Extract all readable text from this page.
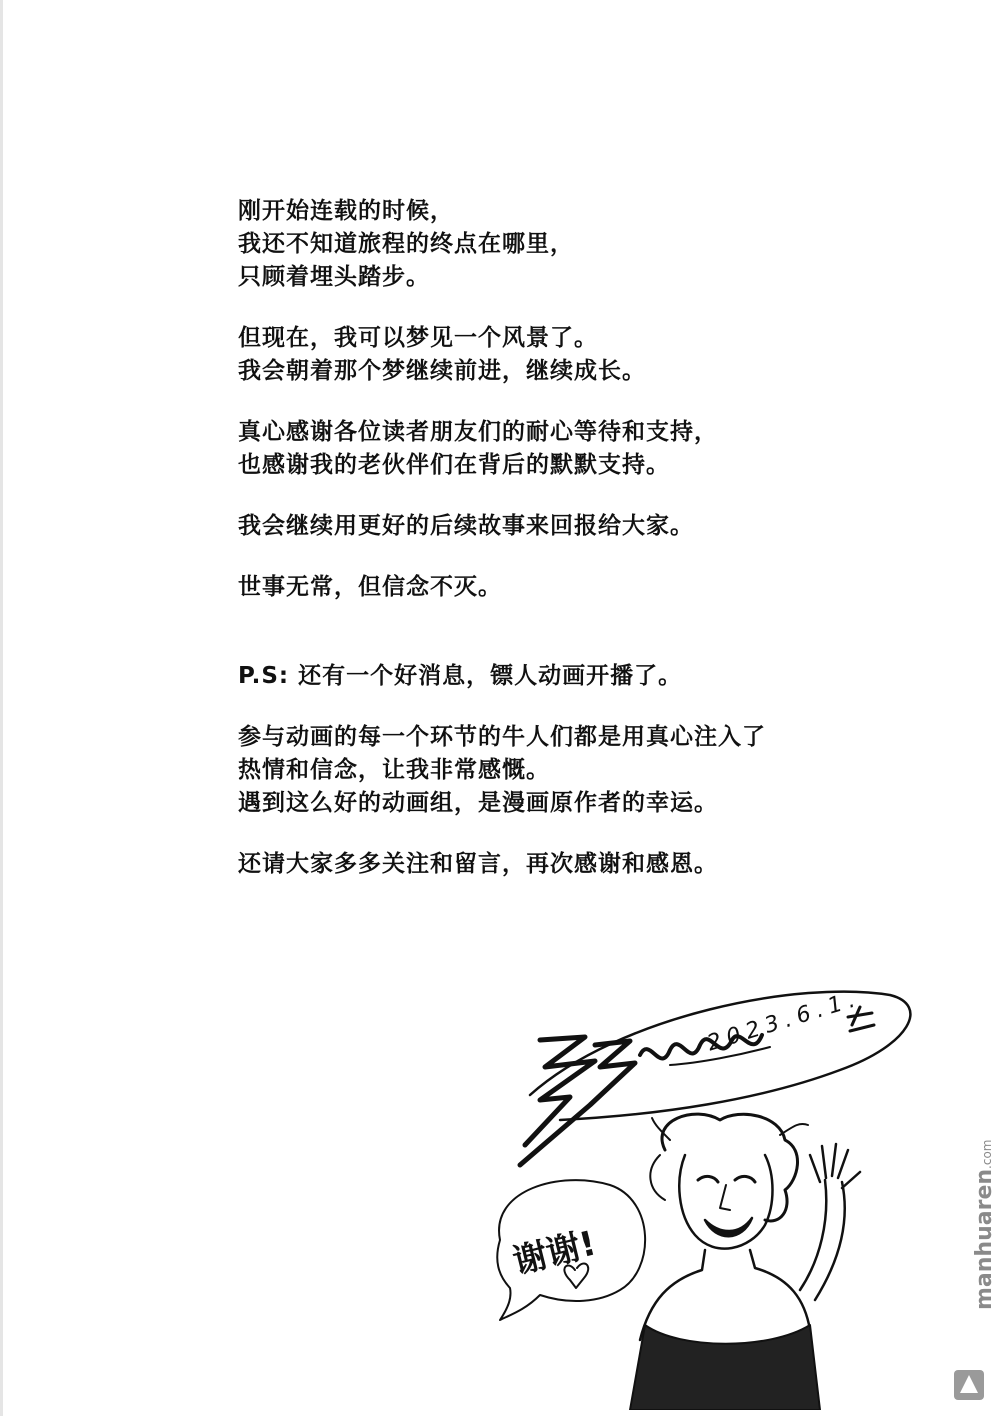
刚开始连载的时候，
我还不知道旅程的终点在哪里，
只顾着埋头踏步。
但现在，我可以梦见一个风景了。
我会朝着那个梦继续前进，继续成长。
真心感谢各位读者朋友们的耐心等待和支持，
也感谢我的老伙伴们在背后的默默支持。
我会继续用更好的后续故事来回报给大家。
世事无常，但信念不灭。
P.S: 还有一个好消息，镖人动画开播了。
参与动画的每一个环节的牛人们都是用真心注入了
热情和信念，让我非常感慨。
遇到这么好的动画组，是漫画原作者的幸运。
还请大家多多关注和留言，再次感谢和感恩。
2023.6.1.
谢谢!	manhuaren.com
